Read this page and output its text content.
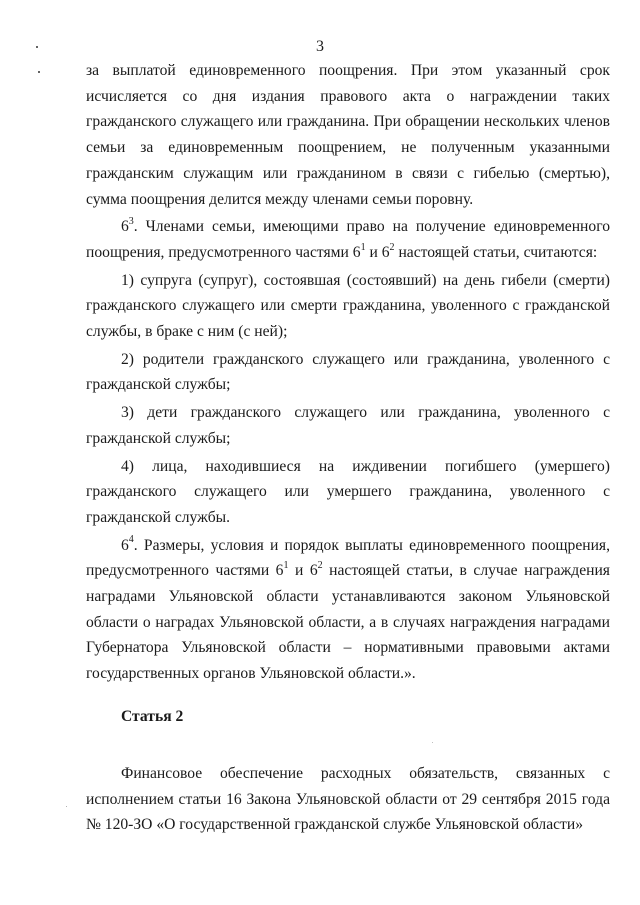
3

за выплатой единовременного поощрения. При этом указанный срок исчисляется со дня издания правового акта о награждении таких гражданского служащего или гражданина. При обращении нескольких членов семьи за единовременным поощрением, не полученным указанными гражданским служащим или гражданином в связи с гибелью (смертью), сумма поощрения делится между членами семьи поровну.

$6^3$. Членами семьи, имеющими право на получение единовременного поощрения, предусмотренного частями $6^1$ и $6^2$ настоящей статьи, считаются:

1) супруга (супруг), состоявшая (состоявший) на день гибели (смерти) гражданского служащего или смерти гражданина, уволенного с гражданской службы, в браке с ним (с ней);

2) родители гражданского служащего или гражданина, уволенного с гражданской службы;

3) дети гражданского служащего или гражданина, уволенного с гражданской службы;

4) лица, находившиеся на иждивении погибшего (умершего) гражданского служащего или умершего гражданина, уволенного с гражданской службы.

$6^4$. Размеры, условия и порядок выплаты единовременного поощрения, предусмотренного частями $6^1$ и $6^2$ настоящей статьи, в случае награждения наградами Ульяновской области устанавливаются законом Ульяновской области о наградах Ульяновской области, а в случаях награждения наградами Губернатора Ульяновской области – нормативными правовыми актами государственных органов Ульяновской области.».

Статья 2

Финансовое обеспечение расходных обязательств, связанных с исполнением статьи 16 Закона Ульяновской области от 29 сентября 2015 года № 120-ЗО «О государственной гражданской службе Ульяновской области»
